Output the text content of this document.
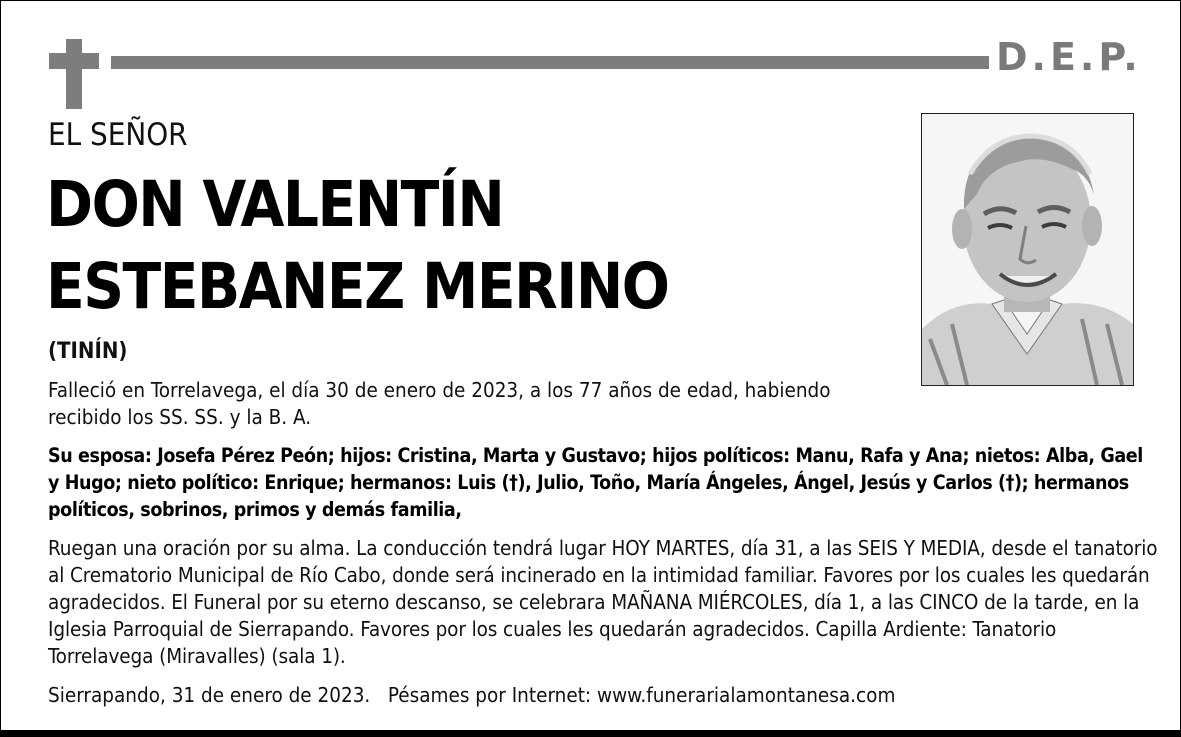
D.E.P.
EL SEÑOR
DON VALENTÍN
ESTEBANEZ MERINO
(TINÍN)
Falleció en Torrelavega, el día 30 de enero de 2023, a los 77 años de edad, habiendo recibido los SS. SS. y la B. A.
Su esposa: Josefa Pérez Peón; hijos: Cristina, Marta y Gustavo; hijos políticos: Manu, Rafa y Ana; nietos: Alba, Gael y Hugo; nieto político: Enrique; hermanos: Luis (†), Julio, Toño, María Ángeles, Ángel, Jesús y Carlos (†); hermanos políticos, sobrinos, primos y demás familia,
Ruegan una oración por su alma. La conducción tendrá lugar HOY MARTES, día 31, a las SEIS Y MEDIA, desde el tanatorio al Crematorio Municipal de Río Cabo, donde será incinerado en la intimidad familiar. Favores por los cuales les quedarán agradecidos. El Funeral por su eterno descanso, se celebrara MAÑANA MIÉRCOLES, día 1, a las CINCO de la tarde, en la Iglesia Parroquial de Sierrapando. Favores por los cuales les quedarán agradecidos. Capilla Ardiente: Tanatorio Torrelavega (Miravalles) (sala 1).
Sierrapando, 31 de enero de 2023. Pésames por Internet: www.funerarialamontanesa.com
